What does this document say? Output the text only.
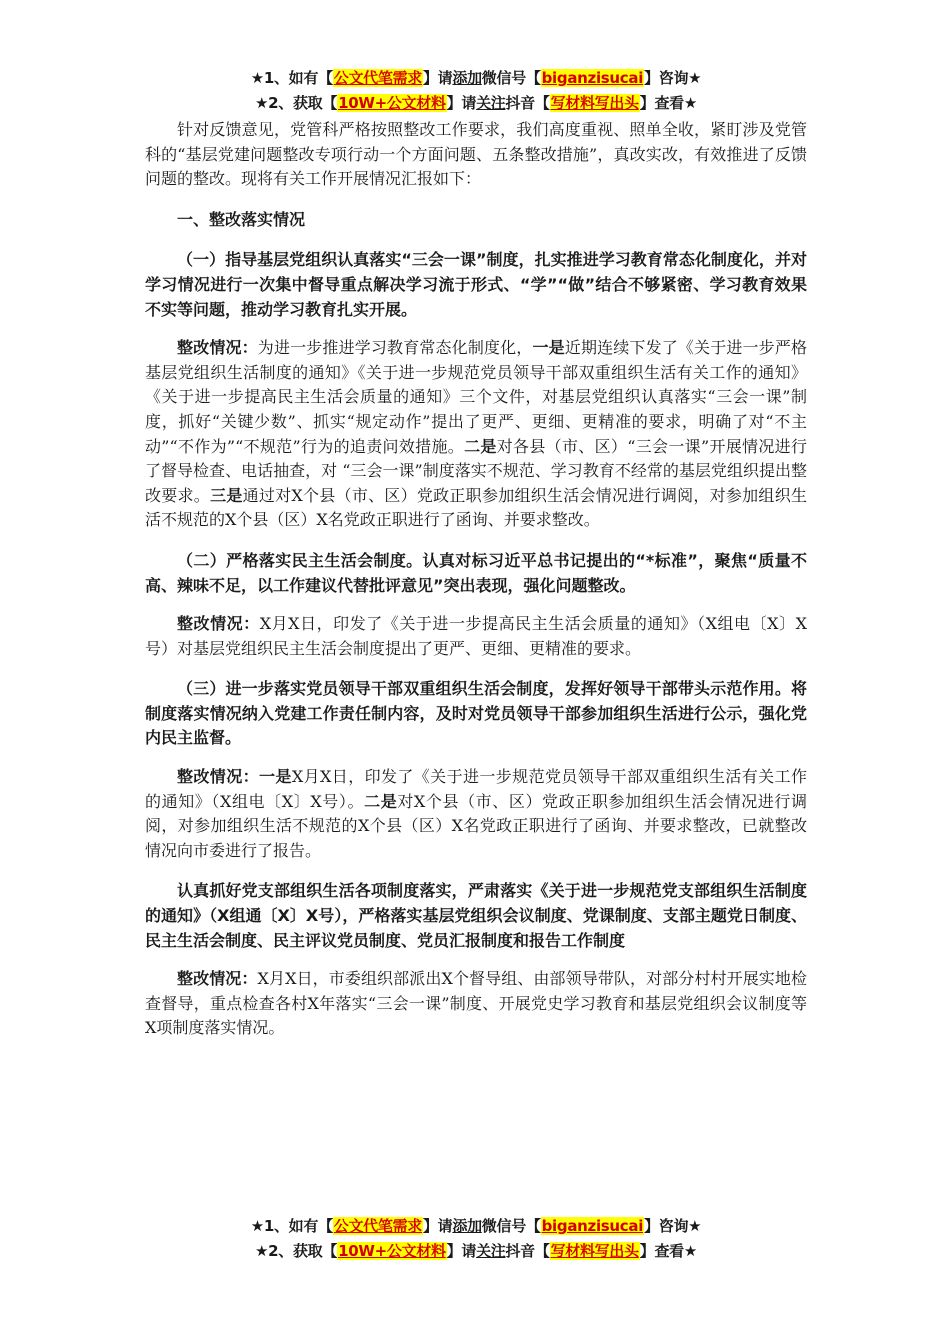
★1、如有【公文代笔需求】请添加微信号【biganzisucai】咨询★
★2、获取【10W+公文材料】请关注抖音【写材料写出头】查看★

针对反馈意见，党管科严格按照整改工作要求，我们高度重视、照单全收，紧盯涉及党管科的“基层党建问题整改专项行动一个方面问题、五条整改措施”，真改实改，有效推进了反馈问题的整改。现将有关工作开展情况汇报如下：

一、整改落实情况

（一）指导基层党组织认真落实“三会一课”制度，扎实推进学习教育常态化制度化，并对学习情况进行一次集中督导重点解决学习流于形式、“学”“做”结合不够紧密、学习教育效果不实等问题，推动学习教育扎实开展。

整改情况：为进一步推进学习教育常态化制度化，一是近期连续下发了《关于进一步严格基层党组织生活制度的通知》《关于进一步规范党员领导干部双重组织生活有关工作的通知》《关于进一步提高民主生活会质量的通知》三个文件，对基层党组织认真落实“三会一课”制度，抓好“关键少数”、抓实“规定动作”提出了更严、更细、更精准的要求，明确了对“不主动”“不作为”“不规范”行为的追责问效措施。二是对各县（市、区）“三会一课”开展情况进行了督导检查、电话抽查，对 “三会一课”制度落实不规范、学习教育不经常的基层党组织提出整改要求。三是通过对X个县（市、区）党政正职参加组织生活会情况进行调阅，对参加组织生活不规范的X个县（区）X名党政正职进行了函询、并要求整改。

（二）严格落实民主生活会制度。认真对标习近平总书记提出的“*标准”，聚焦“质量不高、辣味不足，以工作建议代替批评意见”突出表现，强化问题整改。

整改情况：X月X日，印发了《关于进一步提高民主生活会质量的通知》（X组电〔X〕X号）对基层党组织民主生活会制度提出了更严、更细、更精准的要求。

（三）进一步落实党员领导干部双重组织生活会制度，发挥好领导干部带头示范作用。将制度落实情况纳入党建工作责任制内容，及时对党员领导干部参加组织生活进行公示，强化党内民主监督。

整改情况：一是X月X日，印发了《关于进一步规范党员领导干部双重组织生活有关工作的通知》（X组电〔X〕X号）。二是对X个县（市、区）党政正职参加组织生活会情况进行调阅，对参加组织生活不规范的X个县（区）X名党政正职进行了函询、并要求整改，已就整改情况向市委进行了报告。

认真抓好党支部组织生活各项制度落实，严肃落实《关于进一步规范党支部组织生活制度的通知》（X组通〔X〕X号），严格落实基层党组织会议制度、党课制度、支部主题党日制度、民主生活会制度、民主评议党员制度、党员汇报制度和报告工作制度

整改情况：X月X日，市委组织部派出X个督导组、由部领导带队，对部分村村开展实地检查督导，重点检查各村X年落实“三会一课”制度、开展党史学习教育和基层党组织会议制度等X项制度落实情况。

★1、如有【公文代笔需求】请添加微信号【biganzisucai】咨询★
★2、获取【10W+公文材料】请关注抖音【写材料写出头】查看★
